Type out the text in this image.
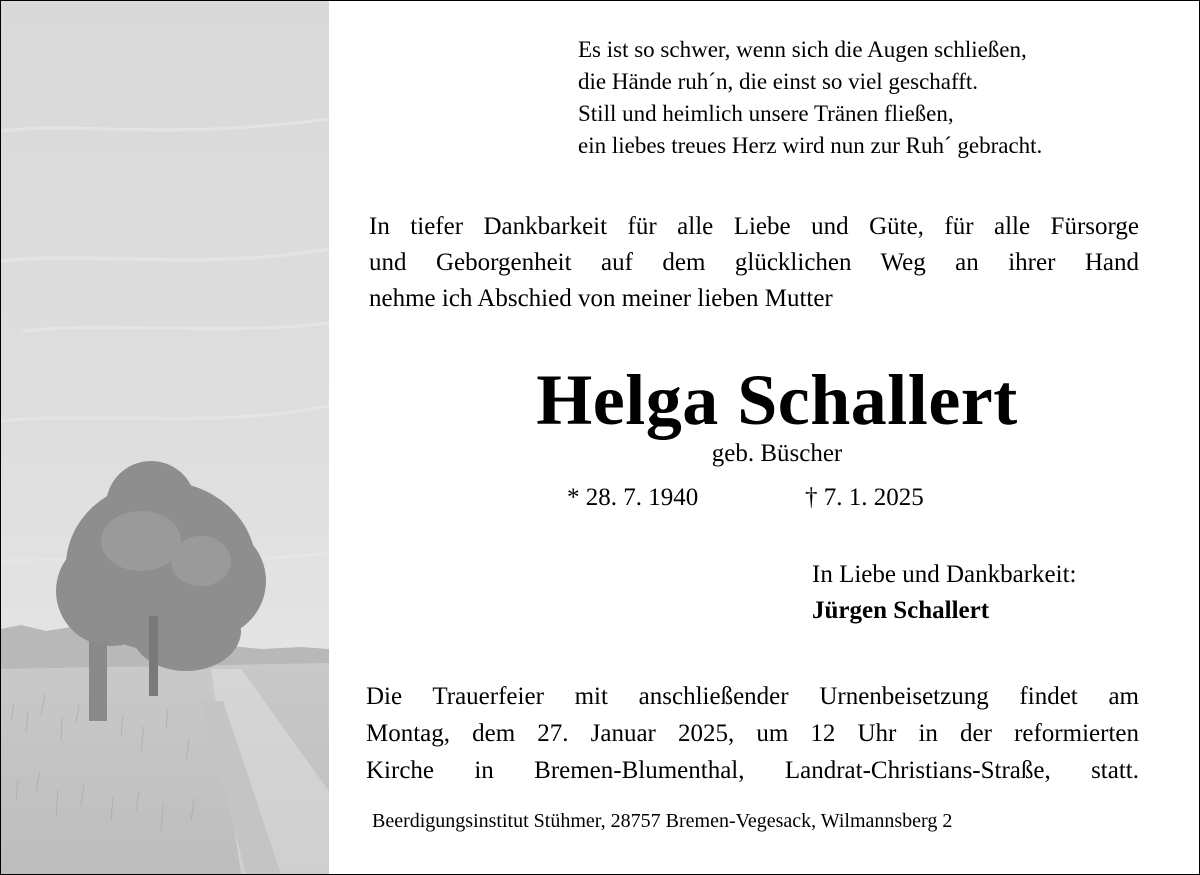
Es ist so schwer, wenn sich die Augen schließen,
die Hände ruh´n, die einst so viel geschafft.
Still und heimlich unsere Tränen fließen,
ein liebes treues Herz wird nun zur Ruh´ gebracht.
In tiefer Dankbarkeit für alle Liebe und Güte, für alle Fürsorge
und Geborgenheit auf dem glücklichen Weg an ihrer Hand
nehme ich Abschied von meiner lieben Mutter
Helga Schallert
geb. Büscher
* 28. 7. 1940	† 7. 1. 2025
In Liebe und Dankbarkeit:
Jürgen Schallert
Die Trauerfeier mit anschließender Urnenbeisetzung findet am
Montag, dem 27. Januar 2025, um 12 Uhr in der reformierten
Kirche in Bremen-Blumenthal, Landrat-Christians-Straße, statt.
Beerdigungsinstitut Stühmer, 28757 Bremen-Vegesack, Wilmannsberg 2
